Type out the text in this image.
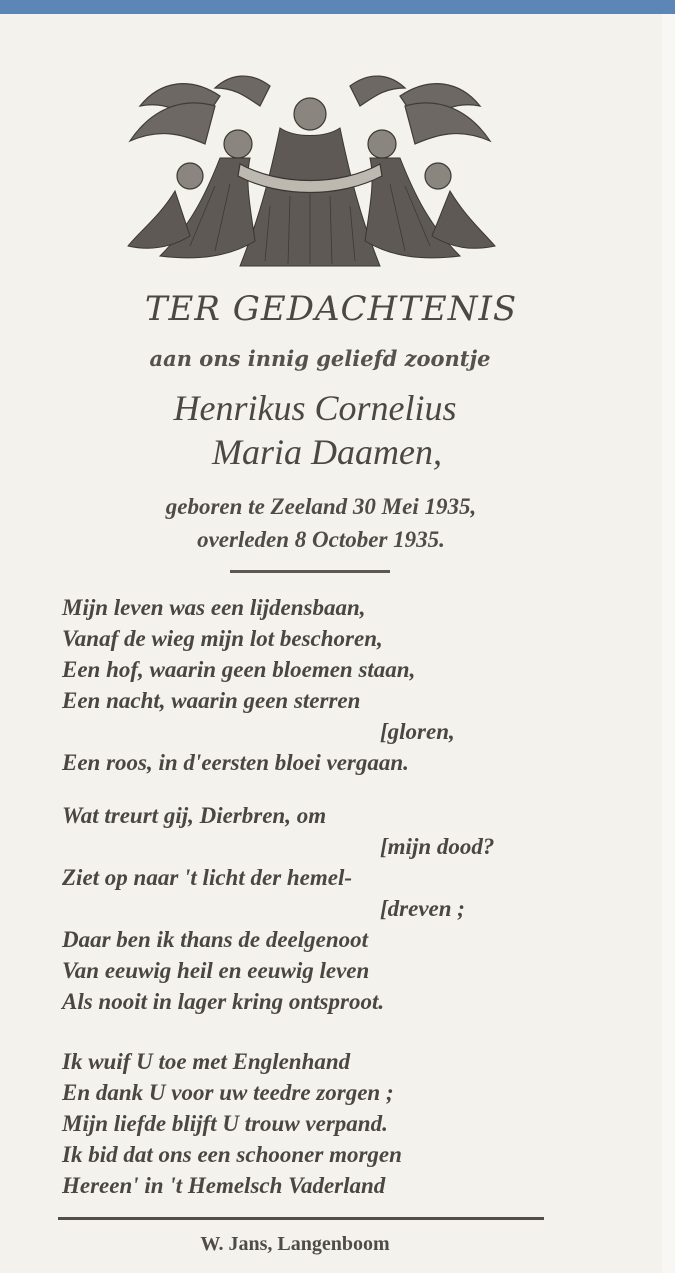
TER GEDACHTENIS
aan ons innig geliefd zoontje
Henrikus Cornelius
Maria Daamen,
geboren te Zeeland 30 Mei 1935,
overleden 8 October 1935.
Mijn leven was een lijdensbaan,
Vanaf de wieg mijn lot beschoren,
Een hof, waarin geen bloemen staan,
Een nacht, waarin geen sterren
[gloren,
Een roos, in d'eersten bloei vergaan.
Wat treurt gij, Dierbren, om
[mijn dood?
Ziet op naar 't licht der hemel-
[dreven ;
Daar ben ik thans de deelgenoot
Van eeuwig heil en eeuwig leven
Als nooit in lager kring ontsproot.
Ik wuif U toe met Englenhand
En dank U voor uw teedre zorgen ;
Mijn liefde blijft U trouw verpand.
Ik bid dat ons een schooner morgen
Hereen' in 't Hemelsch Vaderland
W. Jans, Langenboom
